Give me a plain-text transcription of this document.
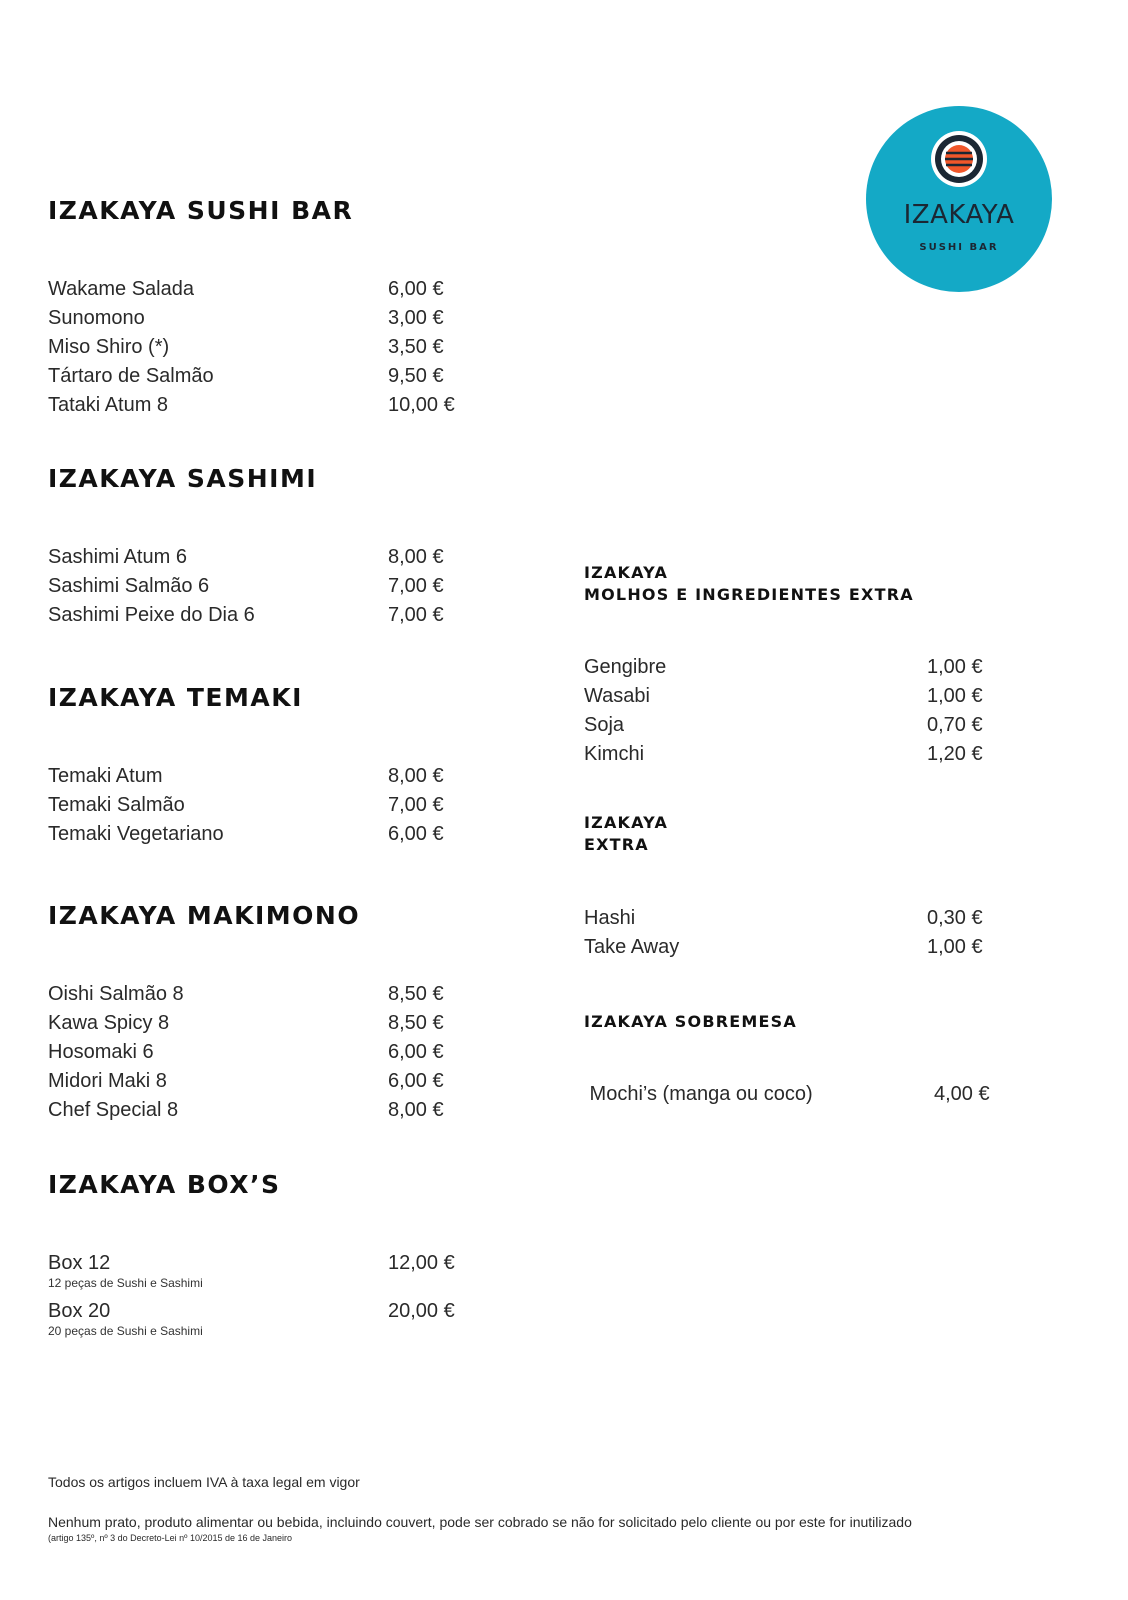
IZAKAYA
SUSHI BAR
IZAKAYA SUSHI BAR
Wakame Salada	6,00 €
Sunomono	3,00 €
Miso Shiro (*)	3,50 €
Tártaro de Salmão	9,50 €
Tataki Atum 8	10,00 €
IZAKAYA SASHIMI
Sashimi Atum 6	8,00 €
Sashimi Salmão 6	7,00 €
Sashimi Peixe do Dia 6	7,00 €
IZAKAYA TEMAKI
Temaki Atum	8,00 €
Temaki Salmão	7,00 €
Temaki Vegetariano	6,00 €
IZAKAYA MAKIMONO
Oishi Salmão 8	8,50 €
Kawa Spicy 8	8,50 €
Hosomaki 6	6,00 €
Midori Maki 8	6,00 €
Chef Special 8	8,00 €
IZAKAYA BOX’S
Box 12	12,00 €
12 peças de Sushi e Sashimi
Box 20	20,00 €
20 peças de Sushi e Sashimi
IZAKAYA
MOLHOS E INGREDIENTES EXTRA
Gengibre	1,00 €
Wasabi	1,00 €
Soja	0,70 €
Kimchi	1,20 €
IZAKAYA
EXTRA
Hashi	0,30 €
Take Away	1,00 €
IZAKAYA SOBREMESA
Mochi’s (manga ou coco)	4,00 €

Todos os artigos incluem IVA à taxa legal em vigor

Nenhum prato, produto alimentar ou bebida, incluindo couvert, pode ser cobrado se não for solicitado pelo cliente ou por este for inutilizado

(artigo 135º, nº 3 do Decreto-Lei nº 10/2015 de 16 de Janeiro
